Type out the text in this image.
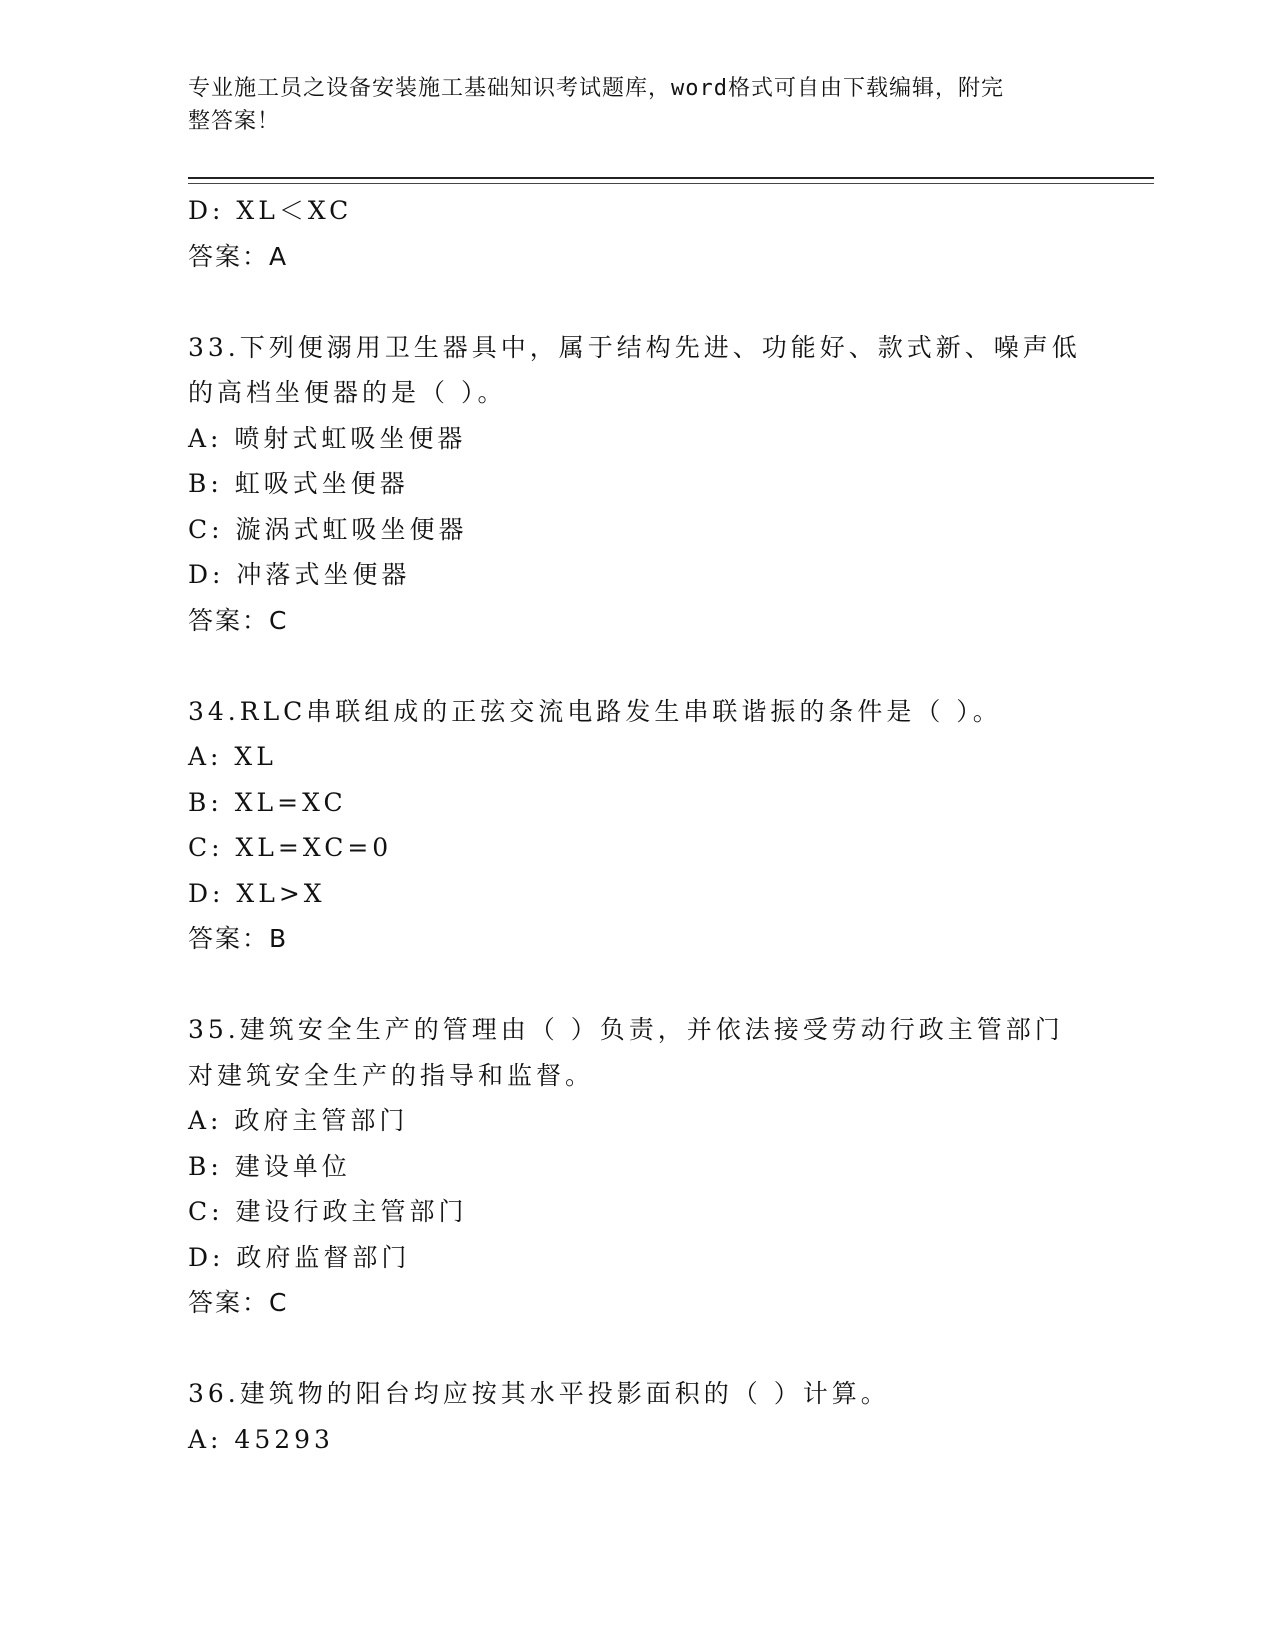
专业施工员之设备安装施工基础知识考试题库，word格式可自由下载编辑，附完
整答案！
D: XL＜XC
答案：A
33.下列便溺用卫生器具中，属于结构先进、功能好、款式新、噪声低
的高档坐便器的是（ ）。
A: 喷射式虹吸坐便器
B: 虹吸式坐便器
C: 漩涡式虹吸坐便器
D: 冲落式坐便器
答案：C
34.RLC串联组成的正弦交流电路发生串联谐振的条件是（ ）。
A: XL
B: XL=XC
C: XL=XC=0
D: XL>X
答案：B
35.建筑安全生产的管理由（ ）负责，并依法接受劳动行政主管部门
对建筑安全生产的指导和监督。
A: 政府主管部门
B: 建设单位
C: 建设行政主管部门
D: 政府监督部门
答案：C
36.建筑物的阳台均应按其水平投影面积的（ ）计算。
A: 45293
